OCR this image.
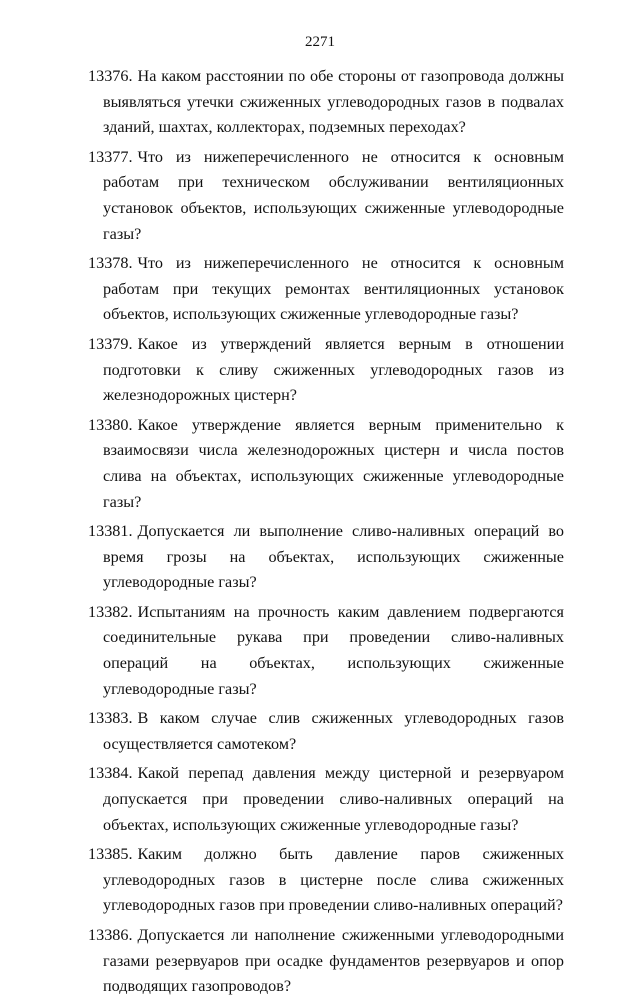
2271
13376. На каком расстоянии по обе стороны от газопровода должны выявляться утечки сжиженных углеводородных газов в подвалах зданий, шахтах, коллекторах, подземных переходах?
13377. Что из нижеперечисленного не относится к основным работам при техническом обслуживании вентиляционных установок объектов, использующих сжиженные углеводородные газы?
13378. Что из нижеперечисленного не относится к основным работам при текущих ремонтах вентиляционных установок объектов, использующих сжиженные углеводородные газы?
13379. Какое из утверждений является верным в отношении подготовки к сливу сжиженных углеводородных газов из железнодорожных цистерн?
13380. Какое утверждение является верным применительно к взаимосвязи числа железнодорожных цистерн и числа постов слива на объектах, использующих сжиженные углеводородные газы?
13381. Допускается ли выполнение сливо-наливных операций во время грозы на объектах, использующих сжиженные углеводородные газы?
13382. Испытаниям на прочность каким давлением подвергаются соединительные рукава при проведении сливо-наливных операций на объектах, использующих сжиженные углеводородные газы?
13383. В каком случае слив сжиженных углеводородных газов осуществляется самотеком?
13384. Какой перепад давления между цистерной и резервуаром допускается при проведении сливо-наливных операций на объектах, использующих сжиженные углеводородные газы?
13385. Каким должно быть давление паров сжиженных углеводородных газов в цистерне после слива сжиженных углеводородных газов при проведении сливо-наливных операций?
13386. Допускается ли наполнение сжиженными углеводородными газами резервуаров при осадке фундаментов резервуаров и опор подводящих газопроводов?
